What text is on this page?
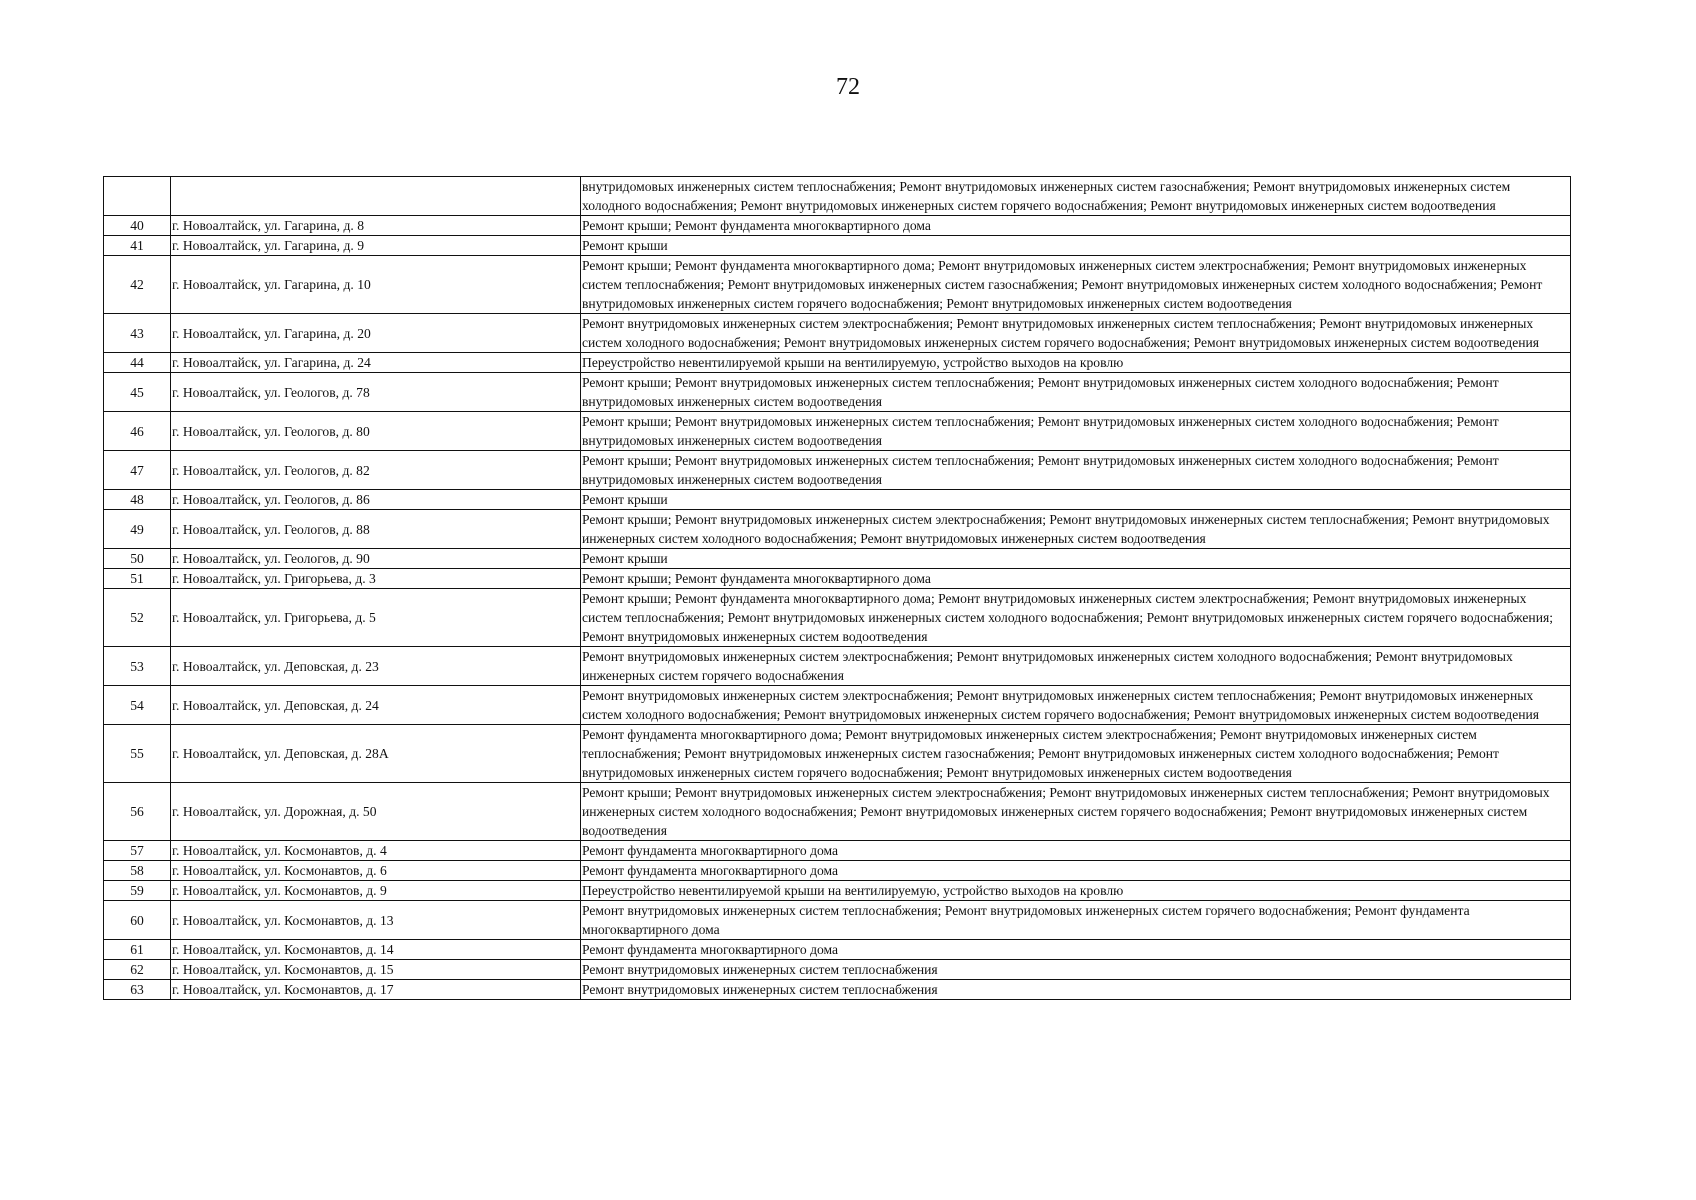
72
		внутридомовых инженерных систем теплоснабжения; Ремонт внутридомовых инженерных систем газоснабжения; Ремонт внутридомовых инженерных систем холодного водоснабжения; Ремонт внутридомовых инженерных систем горячего водоснабжения; Ремонт внутридомовых инженерных систем водоотведения
40	г. Новоалтайск, ул. Гагарина, д. 8	Ремонт крыши; Ремонт фундамента многоквартирного дома
41	г. Новоалтайск, ул. Гагарина, д. 9	Ремонт крыши
42	г. Новоалтайск, ул. Гагарина, д. 10	Ремонт крыши; Ремонт фундамента многоквартирного дома; Ремонт внутридомовых инженерных систем электроснабжения; Ремонт внутридомовых инженерных систем теплоснабжения; Ремонт внутридомовых инженерных систем газоснабжения; Ремонт внутридомовых инженерных систем холодного водоснабжения; Ремонт внутридомовых инженерных систем горячего водоснабжения; Ремонт внутридомовых инженерных систем водоотведения
43	г. Новоалтайск, ул. Гагарина, д. 20	Ремонт внутридомовых инженерных систем электроснабжения; Ремонт внутридомовых инженерных систем теплоснабжения; Ремонт внутридомовых инженерных систем холодного водоснабжения; Ремонт внутридомовых инженерных систем горячего водоснабжения; Ремонт внутридомовых инженерных систем водоотведения
44	г. Новоалтайск, ул. Гагарина, д. 24	Переустройство невентилируемой крыши на вентилируемую, устройство выходов на кровлю
45	г. Новоалтайск, ул. Геологов, д. 78	Ремонт крыши; Ремонт внутридомовых инженерных систем теплоснабжения; Ремонт внутридомовых инженерных систем холодного водоснабжения; Ремонт внутридомовых инженерных систем водоотведения
46	г. Новоалтайск, ул. Геологов, д. 80	Ремонт крыши; Ремонт внутридомовых инженерных систем теплоснабжения; Ремонт внутридомовых инженерных систем холодного водоснабжения; Ремонт внутридомовых инженерных систем водоотведения
47	г. Новоалтайск, ул. Геологов, д. 82	Ремонт крыши; Ремонт внутридомовых инженерных систем теплоснабжения; Ремонт внутридомовых инженерных систем холодного водоснабжения; Ремонт внутридомовых инженерных систем водоотведения
48	г. Новоалтайск, ул. Геологов, д. 86	Ремонт крыши
49	г. Новоалтайск, ул. Геологов, д. 88	Ремонт крыши; Ремонт внутридомовых инженерных систем электроснабжения; Ремонт внутридомовых инженерных систем теплоснабжения; Ремонт внутридомовых инженерных систем холодного водоснабжения; Ремонт внутридомовых инженерных систем водоотведения
50	г. Новоалтайск, ул. Геологов, д. 90	Ремонт крыши
51	г. Новоалтайск, ул. Григорьева, д. 3	Ремонт крыши; Ремонт фундамента многоквартирного дома
52	г. Новоалтайск, ул. Григорьева, д. 5	Ремонт крыши; Ремонт фундамента многоквартирного дома; Ремонт внутридомовых инженерных систем электроснабжения; Ремонт внутридомовых инженерных систем теплоснабжения; Ремонт внутридомовых инженерных систем холодного водоснабжения; Ремонт внутридомовых инженерных систем горячего водоснабжения; Ремонт внутридомовых инженерных систем водоотведения
53	г. Новоалтайск, ул. Деповская, д. 23	Ремонт внутридомовых инженерных систем электроснабжения; Ремонт внутридомовых инженерных систем холодного водоснабжения; Ремонт внутридомовых инженерных систем горячего водоснабжения
54	г. Новоалтайск, ул. Деповская, д. 24	Ремонт внутридомовых инженерных систем электроснабжения; Ремонт внутридомовых инженерных систем теплоснабжения; Ремонт внутридомовых инженерных систем холодного водоснабжения; Ремонт внутридомовых инженерных систем горячего водоснабжения; Ремонт внутридомовых инженерных систем водоотведения
55	г. Новоалтайск, ул. Деповская, д. 28А	Ремонт фундамента многоквартирного дома; Ремонт внутридомовых инженерных систем электроснабжения; Ремонт внутридомовых инженерных систем теплоснабжения; Ремонт внутридомовых инженерных систем газоснабжения; Ремонт внутридомовых инженерных систем холодного водоснабжения; Ремонт внутридомовых инженерных систем горячего водоснабжения; Ремонт внутридомовых инженерных систем водоотведения
56	г. Новоалтайск, ул. Дорожная, д. 50	Ремонт крыши; Ремонт внутридомовых инженерных систем электроснабжения; Ремонт внутридомовых инженерных систем теплоснабжения; Ремонт внутридомовых инженерных систем холодного водоснабжения; Ремонт внутридомовых инженерных систем горячего водоснабжения; Ремонт внутридомовых инженерных систем водоотведения
57	г. Новоалтайск, ул. Космонавтов, д. 4	Ремонт фундамента многоквартирного дома
58	г. Новоалтайск, ул. Космонавтов, д. 6	Ремонт фундамента многоквартирного дома
59	г. Новоалтайск, ул. Космонавтов, д. 9	Переустройство невентилируемой крыши на вентилируемую, устройство выходов на кровлю
60	г. Новоалтайск, ул. Космонавтов, д. 13	Ремонт внутридомовых инженерных систем теплоснабжения; Ремонт внутридомовых инженерных систем горячего водоснабжения; Ремонт фундамента многоквартирного дома
61	г. Новоалтайск, ул. Космонавтов, д. 14	Ремонт фундамента многоквартирного дома
62	г. Новоалтайск, ул. Космонавтов, д. 15	Ремонт внутридомовых инженерных систем теплоснабжения
63	г. Новоалтайск, ул. Космонавтов, д. 17	Ремонт внутридомовых инженерных систем теплоснабжения
